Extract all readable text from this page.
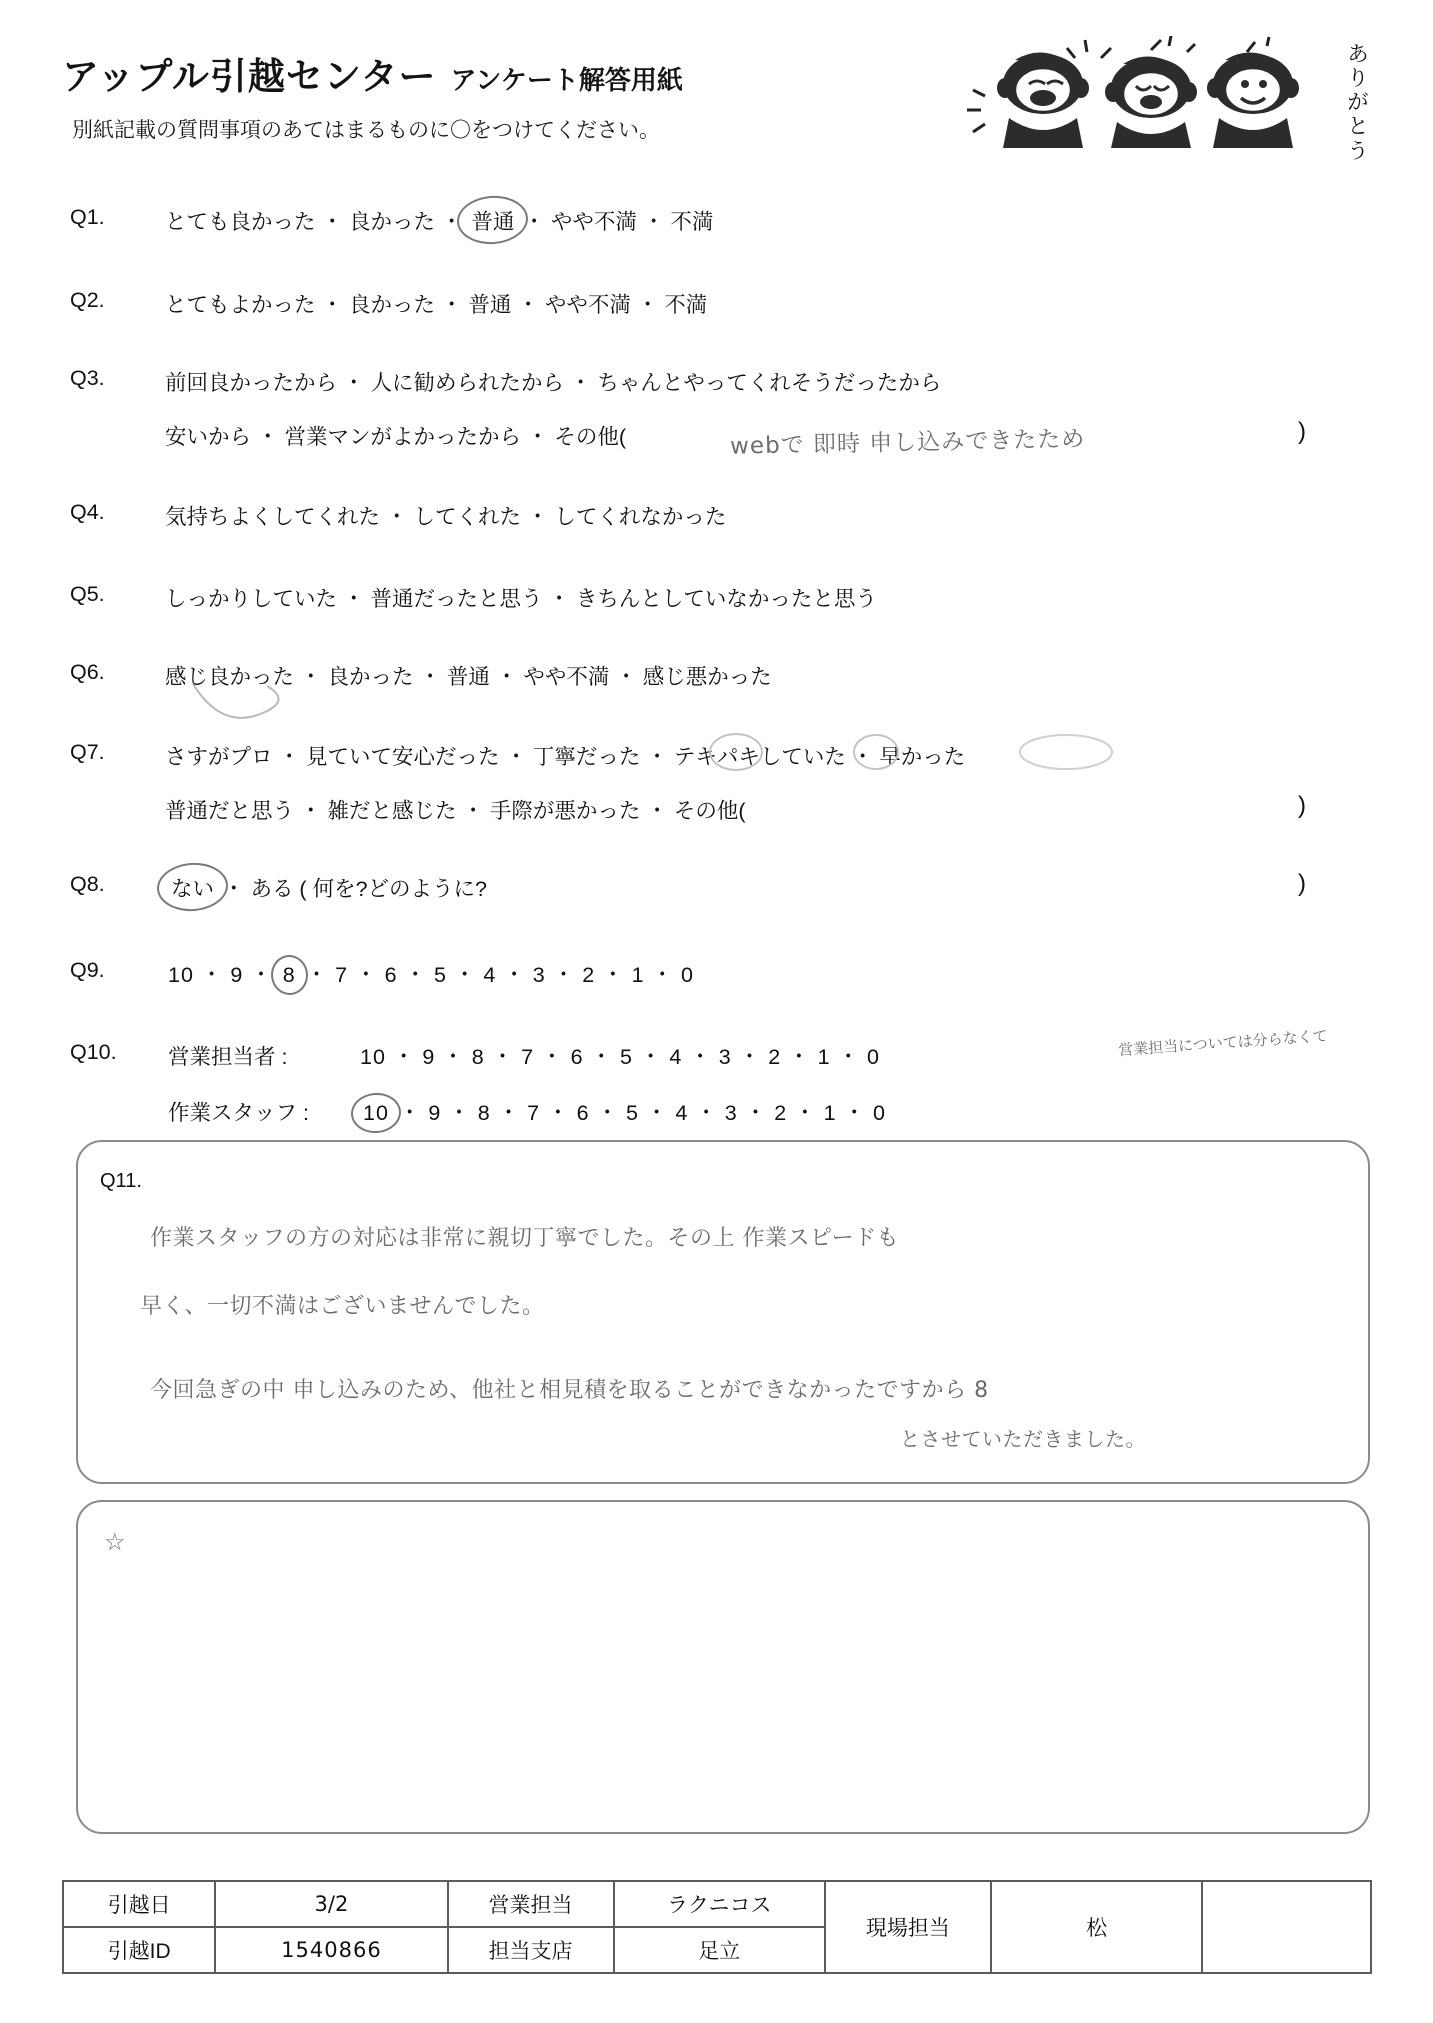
アップル引越センター アンケート解答用紙
別紙記載の質問事項のあてはまるものに〇をつけてください。
ありがとう
Q1.	とても良かった ・ 良かった ・ 普通 ・ やや不満 ・ 不満
Q2.	とてもよかった ・ 良かった ・ 普通 ・ やや不満 ・ 不満
Q3.	前回良かったから ・ 人に勧められたから ・ ちゃんとやってくれそうだったから
安いから ・ 営業マンがよかったから ・ その他(	)
webで 即時 申し込みできたため
Q4.	気持ちよくしてくれた ・ してくれた ・ してくれなかった
Q5.	しっかりしていた ・ 普通だったと思う ・ きちんとしていなかったと思う
Q6.	感じ良かった ・ 良かった ・ 普通 ・ やや不満 ・ 感じ悪かった
Q7.	さすがプロ ・ 見ていて安心だった ・ 丁寧だった ・ テキパキしていた ・ 早かった
普通だと思う ・ 雑だと感じた ・ 手際が悪かった ・ その他(	)
Q8.	ない ・ ある ( 何を?どのように?	)
Q9.	10 ・ 9 ・ 8 ・ 7 ・ 6 ・ 5 ・ 4 ・ 3 ・ 2 ・ 1 ・ 0
Q10. 営業担当者 :	10 ・ 9 ・ 8 ・ 7 ・ 6 ・ 5 ・ 4 ・ 3 ・ 2 ・ 1 ・ 0	営業担当については分らなくて
作業スタッフ :	10 ・ 9 ・ 8 ・ 7 ・ 6 ・ 5 ・ 4 ・ 3 ・ 2 ・ 1 ・ 0
Q11.
作業スタッフの方の対応は非常に親切丁寧でした。その上 作業スピードも
早く、一切不満はございませんでした。
今回急ぎの中 申し込みのため、他社と相見積を取ることができなかったですから 8
とさせていただきました。
☆
引越日	3/2	営業担当	ラクニコス	現場担当	松	
引越ID	1540866	担当支店	足立			
